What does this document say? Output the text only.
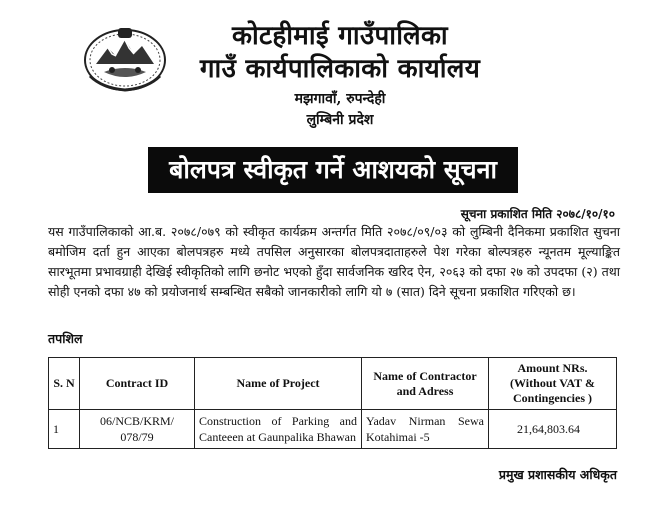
कोटहीमाई गाउँपालिका
गाउँ कार्यपालिकाको कार्यालय
मझगावाँ, रुपन्देही
लुम्बिनी प्रदेश
बोलपत्र स्वीकृत गर्ने आशयको सूचना
सूचना प्रकाशित मिति २०७८/१०/१०
यस गाउँपालिकाको आ.ब. २०७८/०७९ को स्वीकृत कार्यक्रम अन्तर्गत मिति २०७८/०९/०३ को लुम्बिनी दैनिकमा प्रकाशित सुचना बमोजिम दर्ता हुन आएका बोलपत्रहरु मध्ये तपसिल अनुसारका बोलपत्रदाताहरुले पेश गरेका बोल्पत्रहरु न्यूनतम मूल्याङ्कित सारभूतमा प्रभावग्राही देखिई स्वीकृतिको लागि छनोट भएको हुँदा सार्वजनिक खरिद ऐन, २०६३ को दफा २७ को उपदफा (२) तथा सोही एनको दफा ४७ को प्रयोजनार्थ सम्बन्धित सबैको जानकारीको लागि यो ७ (सात) दिने सूचना प्रकाशित गरिएको छ।
तपशिल
S. N	Contract ID	Name of Project	Name of Contractor and Adress	Amount NRs. (Without VAT & Contingencies )
1	06/NCB/KRM/ 078/79	Construction of Parking and Canteeen at Gaunpalika Bhawan	Yadav Nirman Sewa Kotahimai -5	21,64,803.64
प्रमुख प्रशासकीय अधिकृत
